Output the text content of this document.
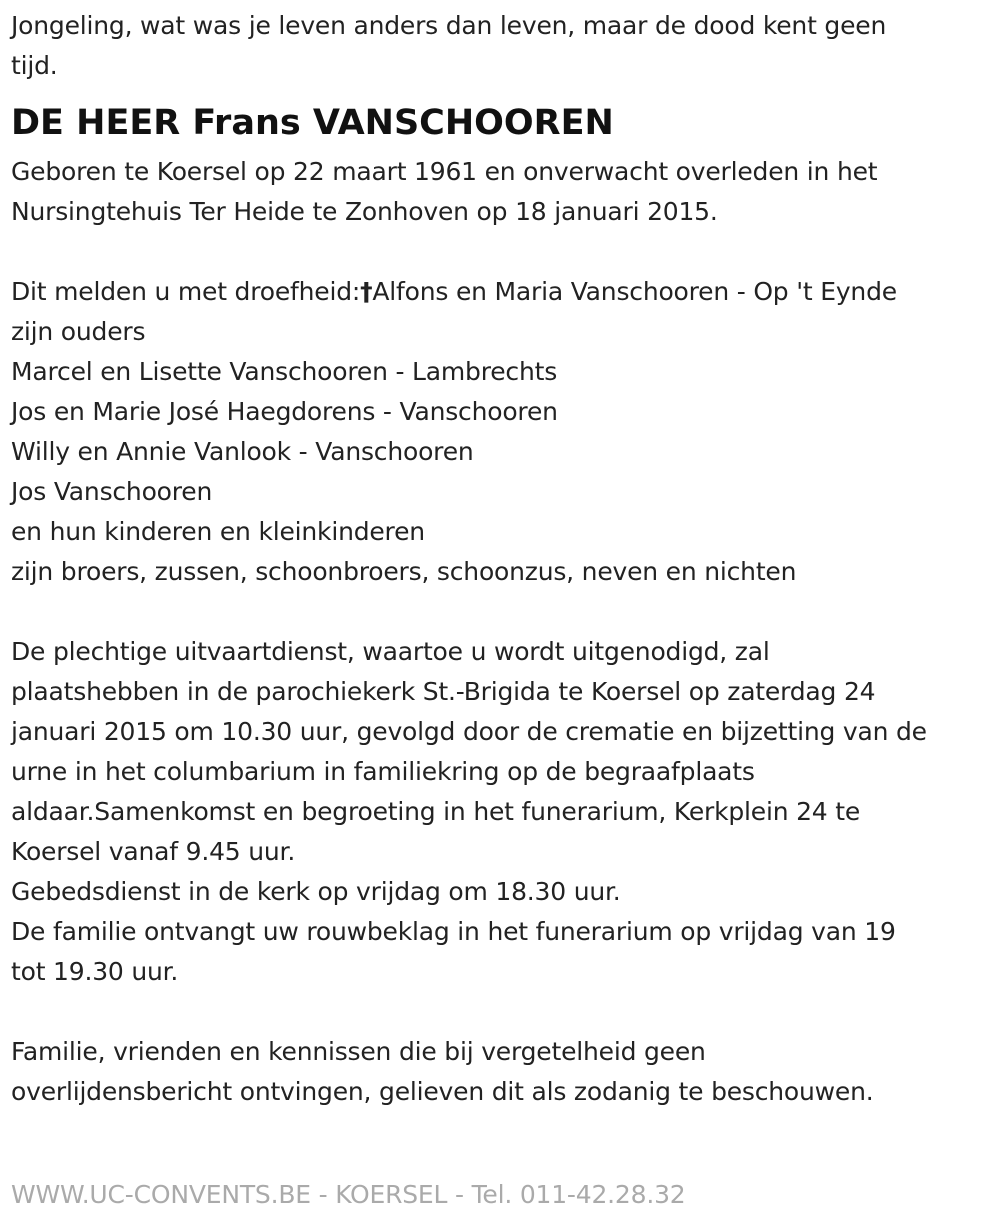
Jongeling, wat was je leven anders dan leven, maar de dood kent geen
tijd.
DE HEER Frans VANSCHOOREN
Geboren te Koersel op 22 maart 1961 en onverwacht overleden in het
Nursingtehuis Ter Heide te Zonhoven op 18 januari 2015.
Dit melden u met droefheid:†Alfons en Maria Vanschooren - Op 't Eynde
zijn ouders
Marcel en Lisette Vanschooren - Lambrechts
Jos en Marie José Haegdorens - Vanschooren
Willy en Annie Vanlook - Vanschooren
Jos Vanschooren
en hun kinderen en kleinkinderen
zijn broers, zussen, schoonbroers, schoonzus, neven en nichten
De plechtige uitvaartdienst, waartoe u wordt uitgenodigd, zal
plaatshebben in de parochiekerk St.-Brigida te Koersel op zaterdag 24
januari 2015 om 10.30 uur, gevolgd door de crematie en bijzetting van de
urne in het columbarium in familiekring op de begraafplaats
aldaar.Samenkomst en begroeting in het funerarium, Kerkplein 24 te
Koersel vanaf 9.45 uur.
Gebedsdienst in de kerk op vrijdag om 18.30 uur.
De familie ontvangt uw rouwbeklag in het funerarium op vrijdag van 19
tot 19.30 uur.
Familie, vrienden en kennissen die bij vergetelheid geen
overlijdensbericht ontvingen, gelieven dit als zodanig te beschouwen.
WWW.UC-CONVENTS.BE - KOERSEL - Tel. 011-42.28.32
